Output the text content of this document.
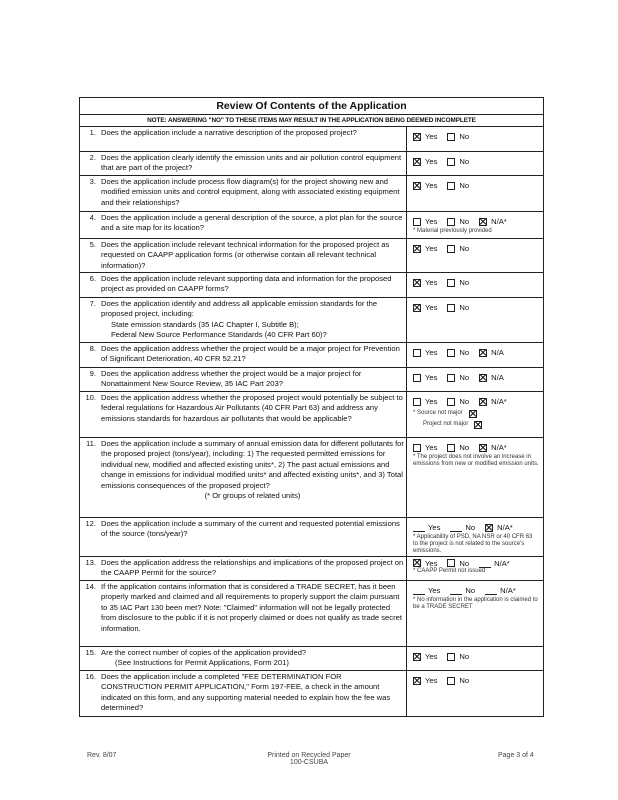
Review Of Contents of the Application
NOTE: ANSWERING "NO" TO THESE ITEMS MAY RESULT IN THE APPLICATION BEING DEEMED INCOMPLETE
1. Does the application include a narrative description of the proposed project?	Yes	No
2. Does the application clearly identify the emission units and air pollution control equipment that are part of the project?
Yes	No
3. Does the application include process flow diagram(s) for the project showing new and modified emission units and control equipment, along with associated existing equipment and their relationships?
Yes	No
4. Does the application include a general description of the source, a plot plan for the source and a site map for its location?
Yes	No	N/A*
* Material previously provided
5. Does the application include relevant technical information for the proposed project as requested on CAAPP application forms (or otherwise contain all relevant technical information)?
Yes	No
6. Does the application include relevant supporting data and information for the proposed project as provided on CAAPP forms?
Yes	No
7. Does the application identify and address all applicable emission standards for the proposed project, including:
State emission standards (35 IAC Chapter I, Subtitle B);
Federal New Source Performance Standards (40 CFR Part 60)?
Yes	No
8. Does the application address whether the project would be a major project for Prevention of Significant Deterioration, 40 CFR 52.21?
Yes	No	N/A
9. Does the application address whether the project would be a major project for Nonattainment New Source Review, 35 IAC Part 203?
Yes	No	N/A
10. Does the application address whether the proposed project would potentially be subject to federal regulations for Hazardous Air Pollutants (40 CFR Part 63) and address any emissions standards for hazardous air pollutants that would be applicable?
Yes	No	N/A*
* Source not major
Project not major
11. Does the application include a summary of annual emission data for different pollutants for the proposed project (tons/year), including: 1) The requested permitted emissions for individual new, modified and affected existing units*, 2) The past actual emissions and change in emissions for individual modified units* and affected existing units*, and 3) Total emissions consequences of the proposed project?
(* Or groups of related units)
Yes	No	N/A*
* The project does not involve an increase in emissions from new or modified emission units.
12. Does the application include a summary of the current and requested potential emissions of the source (tons/year)?
Yes	No	N/A*
* Applicability of PSD, NA NSR or 40 CFR 63 to the project is not related to the source's emissions.
13. Does the application address the relationships and implications of the proposed project on the CAAPP Permit for the source?
Yes	No	N/A*
* CAAPP Permit not issued
14. If the application contains information that is considered a TRADE SECRET, has it been properly marked and claimed and all requirements to properly support the claim pursuant to 35 IAC Part 130 been met? Note: "Claimed" information will not be legally protected from disclosure to the public if it is not properly claimed or does not qualify as trade secret information.
Yes	No	N/A*
* No information in the application is claimed to be a TRADE SECRET
15. Are the correct number of copies of the application provided?
(See Instructions for Permit Applications, Form 201)
Yes	No
16. Does the application include a completed "FEE DETERMINATION FOR CONSTRUCTION PERMIT APPLICATION," Form 197-FEE, a check in the amount indicated on this form, and any supporting material needed to explain how the fee was determined?
Yes	No
Rev. 8/07	Printed on Recycled Paper
100-CSUBA
Page 3 of 4
